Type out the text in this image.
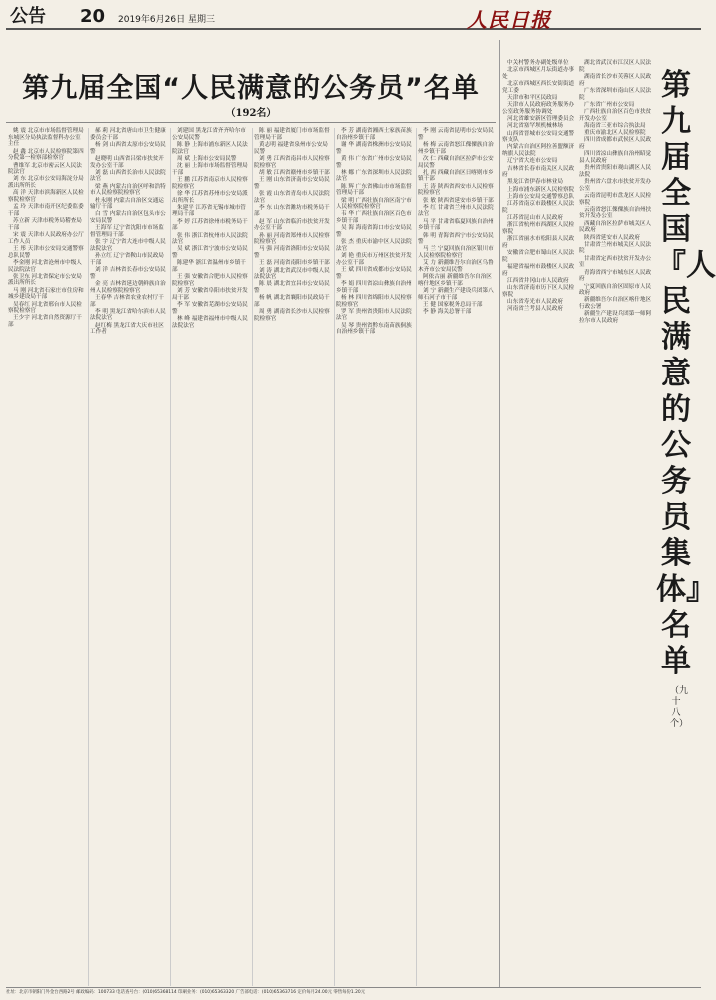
公告 20 2019年6月26日 星期三	人民日报
第九届全国“人民满意的公务员”名单
（192名）
姚 震 北京市市场监督管理局东城区分局执法监督科办公室主任
赵 鑫 北京市人民检察院第四分院第一检察部检察官
曹维军 北京市密云区人民法院法官
刘 东 北京市公安局海淀分局派出所所长
高 洋 天津市滨海新区人民检察院检察官
孟 玲 天津市南开区纪委监委干部
苏立新 天津市税务局稽查局干部
宋 震 天津市人民政府办公厅工作人员
王 彤 天津市公安局交通警察总队民警
李金刚 河北省沧州市中级人民法院法官
张卫东 河北省保定市公安局派出所所长
马 刚 河北省石家庄市住房和城乡建设局干部
吴春红 河北省邢台市人民检察院检察官
王少宇 河北省自然资源厅干部
郝 莉 河北省唐山市卫生健康委员会干部
杨 剑 山西省太原市公安局民警
赵晓明 山西省吕梁市扶贫开发办公室干部
刘 磊 山西省长治市人民法院法官
梁 燕 内蒙古自治区呼和浩特市人民检察院检察官
杜永刚 内蒙古自治区交通运输厅干部
白 雪 内蒙古自治区包头市公安局民警
王海军 辽宁省沈阳市市场监督管理局干部
张 宇 辽宁省大连市中级人民法院法官
孙立红 辽宁省鞍山市民政局干部
刘 洋 吉林省长春市公安局民警
金 亮 吉林省延边朝鲜族自治州人民检察院检察官
王春华 吉林省农业农村厅干部
李 明 黑龙江省哈尔滨市人民法院法官
赵红梅 黑龙江省大庆市社区工作者
刘建国 黑龙江省齐齐哈尔市公安局民警
陈 静 上海市浦东新区人民法院法官
周 斌 上海市公安局民警
沈 丽 上海市市场监督管理局干部
王 鹏 江苏省南京市人民检察院检察官
徐 华 江苏省苏州市公安局派出所所长
朱建平 江苏省无锡市城市管理局干部
李 婷 江苏省徐州市税务局干部
张 伟 浙江省杭州市人民法院法官
吴 斌 浙江省宁波市公安局民警
陈建华 浙江省温州市乡镇干部
王 强 安徽省合肥市人民检察院检察官
刘 芳 安徽省阜阳市扶贫开发局干部
李 军 安徽省芜湖市公安局民警
林 峰 福建省福州市中级人民法院法官
陈 丽 福建省厦门市市场监督管理局干部
黄志明 福建省泉州市公安局民警
刘 勇 江西省南昌市人民检察院检察官
胡 敏 江西省赣州市乡镇干部
王 刚 山东省济南市公安局民警
张 霞 山东省青岛市人民法院法官
李 东 山东省潍坊市税务局干部
赵 军 山东省临沂市扶贫开发办公室干部
孙 丽 河南省郑州市人民检察院检察官
马 强 河南省洛阳市公安局民警
王 磊 河南省南阳市乡镇干部
刘 涛 湖北省武汉市中级人民法院法官
陈 晨 湖北省宜昌市公安局民警
杨 帆 湖北省襄阳市民政局干部
周 勇 湖南省长沙市人民检察院检察官
李 芳 湖南省湘西土家族苗族自治州乡镇干部
谢 华 湖南省株洲市公安局民警
黄 伟 广东省广州市公安局民警
林 娜 广东省深圳市人民法院法官
陈 辉 广东省佛山市市场监督管理局干部
梁 明 广西壮族自治区南宁市人民检察院检察官
韦 华 广西壮族自治区百色市乡镇干部
吴 海 海南省海口市公安局民警
张 杰 重庆市渝中区人民法院法官
刘 艳 重庆市万州区扶贫开发办公室干部
王 斌 四川省成都市公安局民警
李 娟 四川省凉山彝族自治州乡镇干部
杨 林 四川省绵阳市人民检察院检察官
罗 军 贵州省贵阳市人民法院法官
吴 琴 贵州省黔东南苗族侗族自治州乡镇干部
李 刚 云南省昆明市公安局民警
杨 梅 云南省怒江傈僳族自治州乡镇干部
次 仁 西藏自治区拉萨市公安局民警
扎 西 西藏自治区日喀则市乡镇干部
王 涛 陕西省西安市人民检察院检察官
张 敏 陕西省延安市乡镇干部
李 红 甘肃省兰州市人民法院法官
马 平 甘肃省临夏回族自治州乡镇干部
韩 明 青海省西宁市公安局民警
马 兰 宁夏回族自治区银川市人民检察院检察官
艾 力 新疆维吾尔自治区乌鲁木齐市公安局民警
阿依古丽 新疆维吾尔自治区喀什地区乡镇干部
刘 宁 新疆生产建设兵团第八师石河子市干部
王 健 国家税务总局干部
李 静 海关总署干部
中关村警务办副处级单位
北京市西城区月坛街道办事处
北京市西城区西长安街街道党工委
天津市和平区民政局
天津市人民政府政务服务办公室政务服务协调处
河北省雄安新区管理委员会
河北省塞罕坝机械林场
山西省晋城市公安局交通警察支队
内蒙古自治区阿拉善盟额济纳旗人民法院
辽宁省大连市公安局
吉林省长春市南关区人民政府
黑龙江省伊春市林业局
上海市浦东新区人民检察院
上海市公安局交通警察总队
江苏省南京市鼓楼区人民法院
江苏省昆山市人民政府
浙江省杭州市西湖区人民检察院
浙江省丽水市松阳县人民政府
安徽省合肥市蜀山区人民法院
福建省福州市鼓楼区人民政府
江西省井冈山市人民政府
山东省济南市历下区人民检察院
山东省寿光市人民政府
河南省兰考县人民政府
湖北省武汉市江汉区人民法院
湖南省长沙市芙蓉区人民政府
广东省深圳市南山区人民法院
广东省广州市公安局
广西壮族自治区百色市扶贫开发办公室
海南省三亚市综合执法局
重庆市渝北区人民检察院
四川省成都市武侯区人民政府
四川省凉山彝族自治州昭觉县人民政府
贵州省贵阳市观山湖区人民法院
贵州省六盘水市扶贫开发办公室
云南省昆明市盘龙区人民检察院
云南省怒江傈僳族自治州扶贫开发办公室
西藏自治区拉萨市城关区人民政府
陕西省延安市人民政府
甘肃省兰州市城关区人民法院
甘肃省定西市扶贫开发办公室
青海省西宁市城东区人民政府
宁夏回族自治区固原市人民政府
新疆维吾尔自治区喀什地区行政公署
新疆生产建设兵团第一师阿拉尔市人民政府
第九届全国『人民满意的公务员集体』名单
（九十八个）
社址：北京市朝阳门外金台西路2号 邮政编码：100733 电话查号台：(010)65368114 印刷业务：(010)65363320 广告部电话：(010)65363716 定价每月24.00元 零售每份1.20元
